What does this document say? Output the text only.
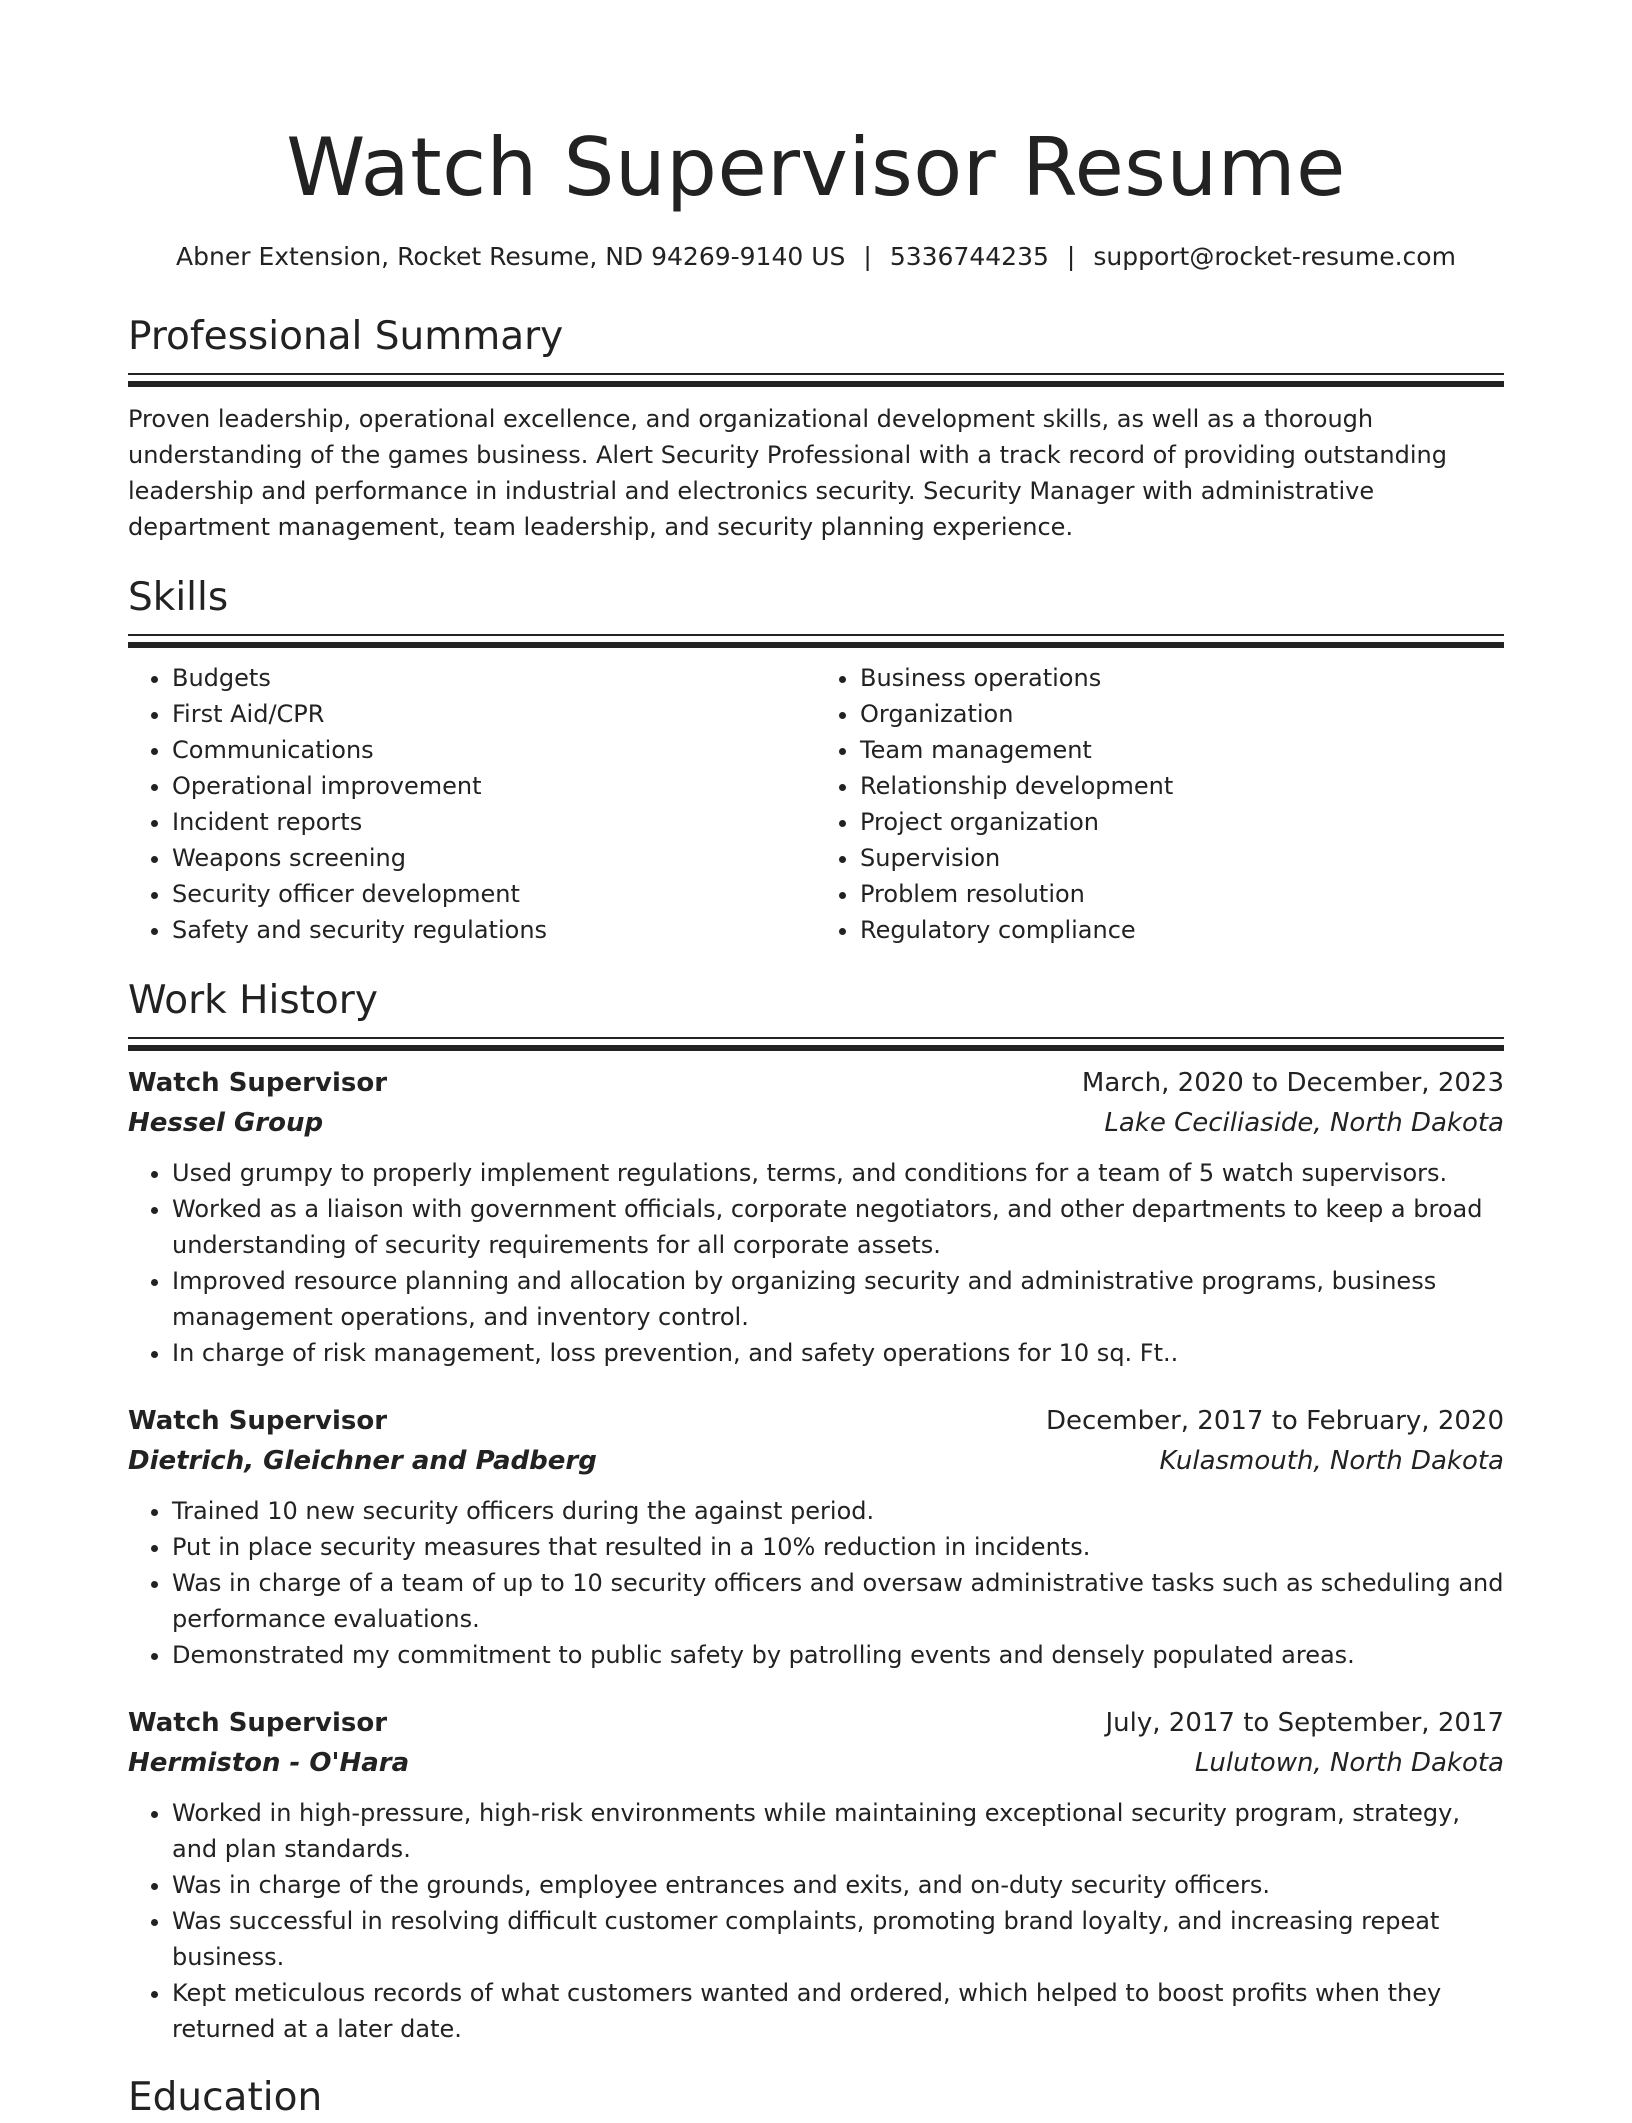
Watch Supervisor Resume
Abner Extension, Rocket Resume, ND 94269-9140 US | 5336744235 | support@rocket-resume.com
Professional Summary

Proven leadership, operational excellence, and organizational development skills, as well as a thorough understanding of the games business. Alert Security Professional with a track record of providing outstanding leadership and performance in industrial and electronics security. Security Manager with administrative department management, team leadership, and security planning experience.

Skills
• Budgets
• First Aid/CPR
• Communications
• Operational improvement
• Incident reports
• Weapons screening
• Security officer development
• Safety and security regulations
• Business operations
• Organization
• Team management
• Relationship development
• Project organization
• Supervision
• Problem resolution
• Regulatory compliance
Work History
Watch Supervisor	March, 2020 to December, 2023
Hessel Group	Lake Ceciliaside, North Dakota
• Used grumpy to properly implement regulations, terms, and conditions for a team of 5 watch supervisors.
• Worked as a liaison with government officials, corporate negotiators, and other departments to keep a broad understanding of security requirements for all corporate assets.
• Improved resource planning and allocation by organizing security and administrative programs, business management operations, and inventory control.
• In charge of risk management, loss prevention, and safety operations for 10 sq. Ft..
Watch Supervisor	December, 2017 to February, 2020
Dietrich, Gleichner and Padberg	Kulasmouth, North Dakota
• Trained 10 new security officers during the against period.
• Put in place security measures that resulted in a 10% reduction in incidents.
• Was in charge of a team of up to 10 security officers and oversaw administrative tasks such as scheduling and performance evaluations.
• Demonstrated my commitment to public safety by patrolling events and densely populated areas.
Watch Supervisor	July, 2017 to September, 2017
Hermiston - O'Hara	Lulutown, North Dakota
• Worked in high-pressure, high-risk environments while maintaining exceptional security program, strategy, and plan standards.
• Was in charge of the grounds, employee entrances and exits, and on-duty security officers.
• Was successful in resolving difficult customer complaints, promoting brand loyalty, and increasing repeat business.
• Kept meticulous records of what customers wanted and ordered, which helped to boost profits when they returned at a later date.
Education
